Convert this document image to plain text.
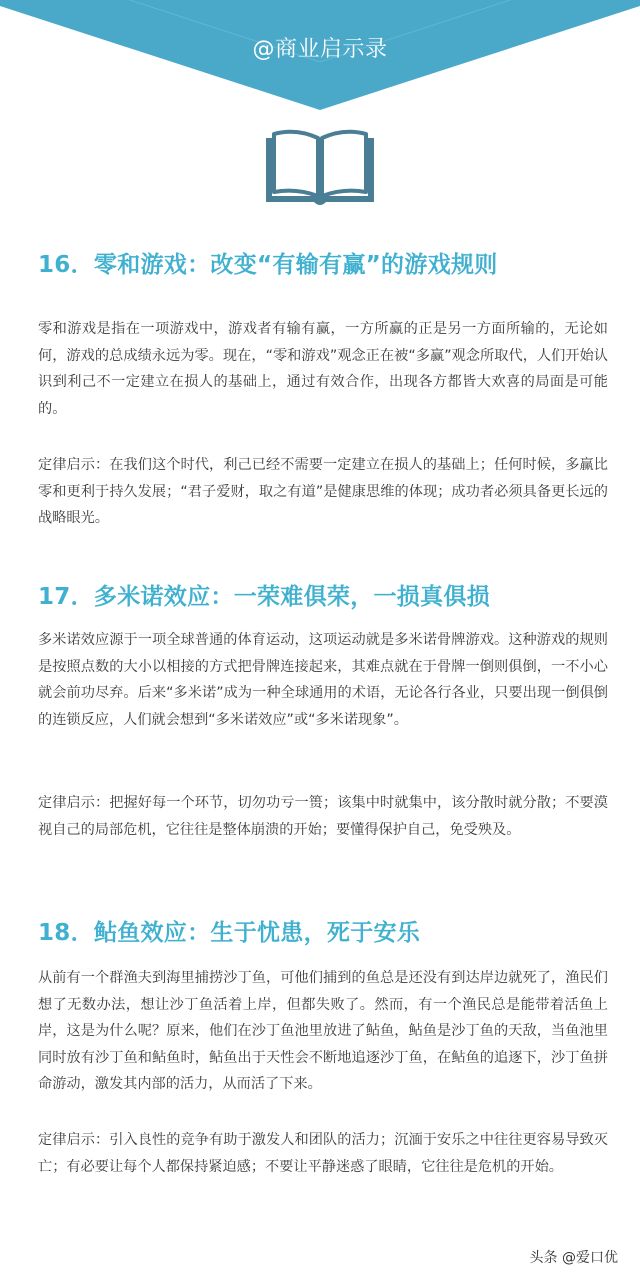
@商业启示录
16．零和游戏：改变“有输有赢”的游戏规则

零和游戏是指在一项游戏中，游戏者有输有赢，一方所赢的正是另一方面所输的，无论如何，游戏的总成绩永远为零。现在，“零和游戏”观念正在被“多赢”观念所取代，人们开始认识到利己不一定建立在损人的基础上，通过有效合作，出现各方都皆大欢喜的局面是可能的。

定律启示：在我们这个时代，利己已经不需要一定建立在损人的基础上；任何时候，多赢比零和更利于持久发展；“君子爱财，取之有道”是健康思维的体现；成功者必须具备更长远的战略眼光。

17．多米诺效应：一荣难俱荣，一损真俱损

多米诺效应源于一项全球普通的体育运动，这项运动就是多米诺骨牌游戏。这种游戏的规则是按照点数的大小以相接的方式把骨牌连接起来，其难点就在于骨牌一倒则俱倒，一不小心就会前功尽弃。后来“多米诺”成为一种全球通用的术语，无论各行各业，只要出现一倒俱倒的连锁反应，人们就会想到“多米诺效应”或“多米诺现象”。

定律启示：把握好每一个环节，切勿功亏一篑；该集中时就集中，该分散时就分散；不要漠视自己的局部危机，它往往是整体崩溃的开始；要懂得保护自己，免受殃及。

18．鲇鱼效应：生于忧患，死于安乐

从前有一个群渔夫到海里捕捞沙丁鱼，可他们捕到的鱼总是还没有到达岸边就死了，渔民们想了无数办法，想让沙丁鱼活着上岸，但都失败了。然而，有一个渔民总是能带着活鱼上岸，这是为什么呢？原来，他们在沙丁鱼池里放进了鲇鱼，鲇鱼是沙丁鱼的天敌，当鱼池里同时放有沙丁鱼和鲇鱼时，鲇鱼出于天性会不断地追逐沙丁鱼，在鲇鱼的追逐下，沙丁鱼拼命游动，激发其内部的活力，从而活了下来。

定律启示：引入良性的竞争有助于激发人和团队的活力；沉湎于安乐之中往往更容易导致灭亡；有必要让每个人都保持紧迫感；不要让平静迷惑了眼睛，它往往是危机的开始。

头条 @爱口优
